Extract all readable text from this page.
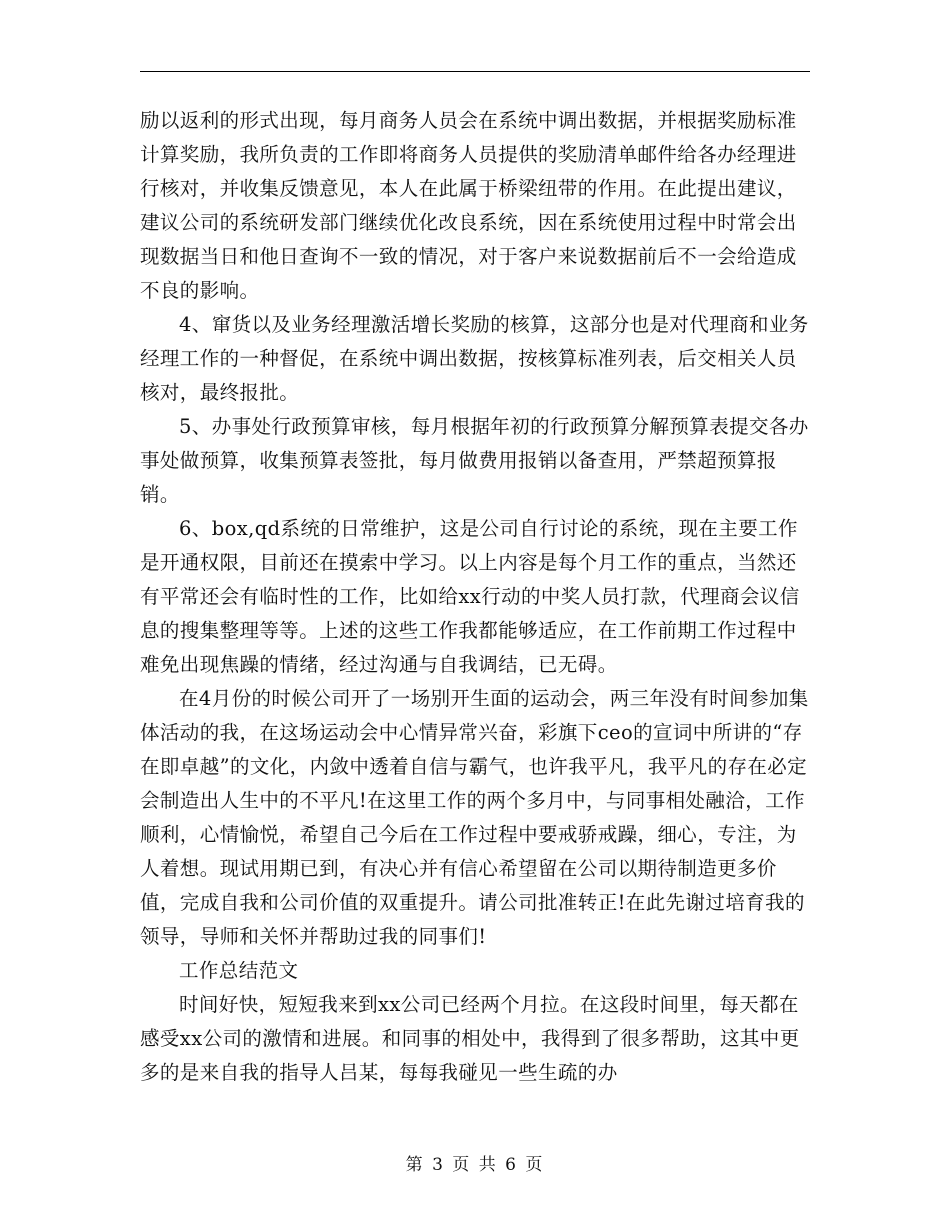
励以返利的形式出现，每月商务人员会在系统中调出数据，并根据奖励标准计算奖励，我所负责的工作即将商务人员提供的奖励清单邮件给各办经理进行核对，并收集反馈意见，本人在此属于桥梁纽带的作用。在此提出建议，建议公司的系统研发部门继续优化改良系统，因在系统使用过程中时常会出现数据当日和他日查询不一致的情况，对于客户来说数据前后不一会给造成不良的影响。

4、窜货以及业务经理激活增长奖励的核算，这部分也是对代理商和业务经理工作的一种督促，在系统中调出数据，按核算标准列表，后交相关人员核对，最终报批。

5、办事处行政预算审核，每月根据年初的行政预算分解预算表提交各办事处做预算，收集预算表签批，每月做费用报销以备查用，严禁超预算报销。

6、box,qd系统的日常维护，这是公司自行讨论的系统，现在主要工作是开通权限，目前还在摸索中学习。以上内容是每个月工作的重点，当然还有平常还会有临时性的工作，比如给xx行动的中奖人员打款，代理商会议信息的搜集整理等等。上述的这些工作我都能够适应，在工作前期工作过程中难免出现焦躁的情绪，经过沟通与自我调结，已无碍。

在4月份的时候公司开了一场别开生面的运动会，两三年没有时间参加集体活动的我，在这场运动会中心情异常兴奋，彩旗下ceo的宣词中所讲的“存在即卓越”的文化，内敛中透着自信与霸气，也许我平凡，我平凡的存在必定会制造出人生中的不平凡!在这里工作的两个多月中，与同事相处融洽，工作顺利，心情愉悦，希望自己今后在工作过程中要戒骄戒躁，细心，专注，为人着想。现试用期已到，有决心并有信心希望留在公司以期待制造更多价值，完成自我和公司价值的双重提升。请公司批准转正!在此先谢过培育我的领导，导师和关怀并帮助过我的同事们!

工作总结范文

时间好快，短短我来到xx公司已经两个月拉。在这段时间里，每天都在感受xx公司的激情和进展。和同事的相处中，我得到了很多帮助，这其中更多的是来自我的指导人吕某，每每我碰见一些生疏的办

第 3 页 共 6 页
